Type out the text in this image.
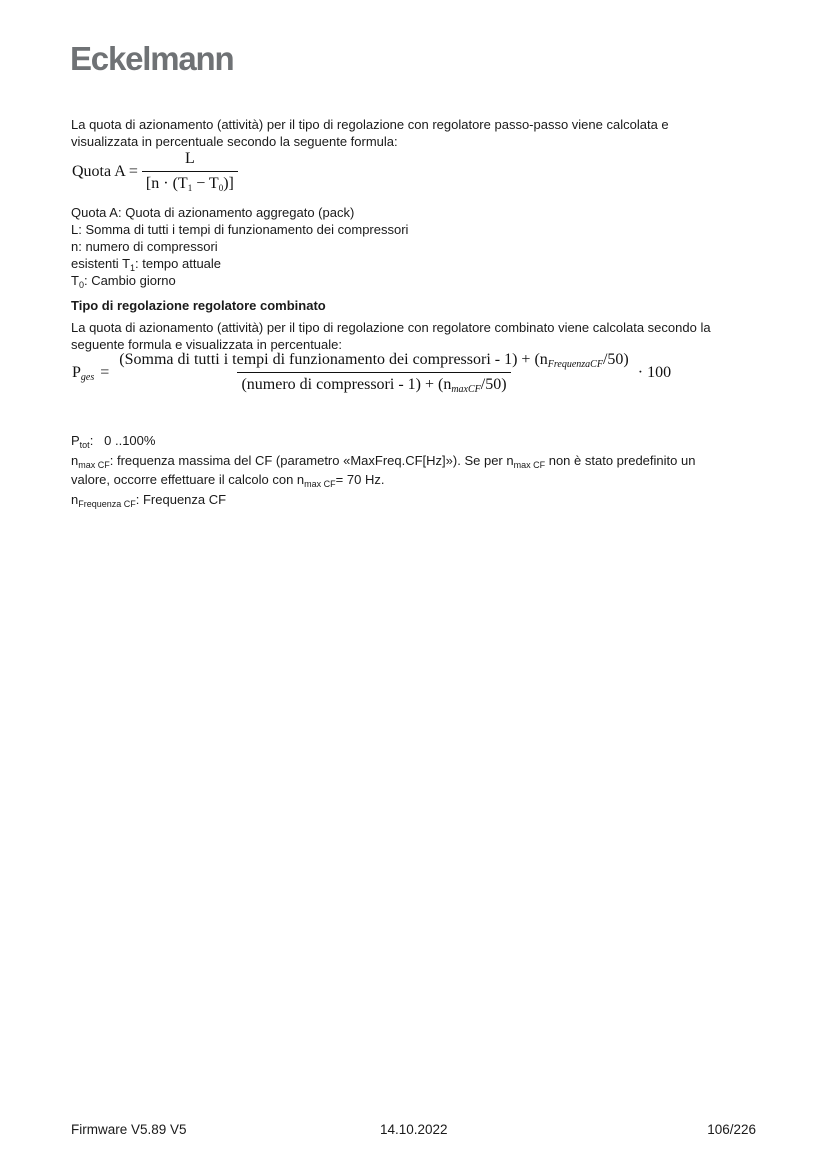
Eckelmann
La quota di azionamento (attività) per il tipo di regolazione con regolatore passo-passo viene calcolata e
visualizzata in percentuale secondo la seguente formula:
Quota $A = \frac{L}{[n \cdot (T_1 - T_0)]}$
Quota A: Quota di azionamento aggregato (pack)
L: Somma di tutti i tempi di funzionamento dei compressori
n: numero di compressori
esistenti $T_1$: tempo attuale
$T_0$: Cambio giorno
Tipo di regolazione regolatore combinato
La quota di azionamento (attività) per il tipo di regolazione con regolatore combinato viene calcolata secondo la
seguente formula e visualizzata in percentuale:
Pges =
(Somma di tutti i tempi di funzionamento dei compressori - 1) + (nFrequenzaCF/50)
(numero di compressori - 1) + (nmaxCF/50)
· 100
$P_{tot}$:   0 ..100%
$n_{max CF}$: frequenza massima del CF (parametro «MaxFreq.CF[Hz]»). Se per $n_{max CF}$ non è stato predefinito un
valore, occorre effettuare il calcolo con $n_{max CF}= 70$ Hz.
$n_{Frequenza CF}$: Frequenza CF
Firmware V5.89 V5	14.10.2022	106/226
